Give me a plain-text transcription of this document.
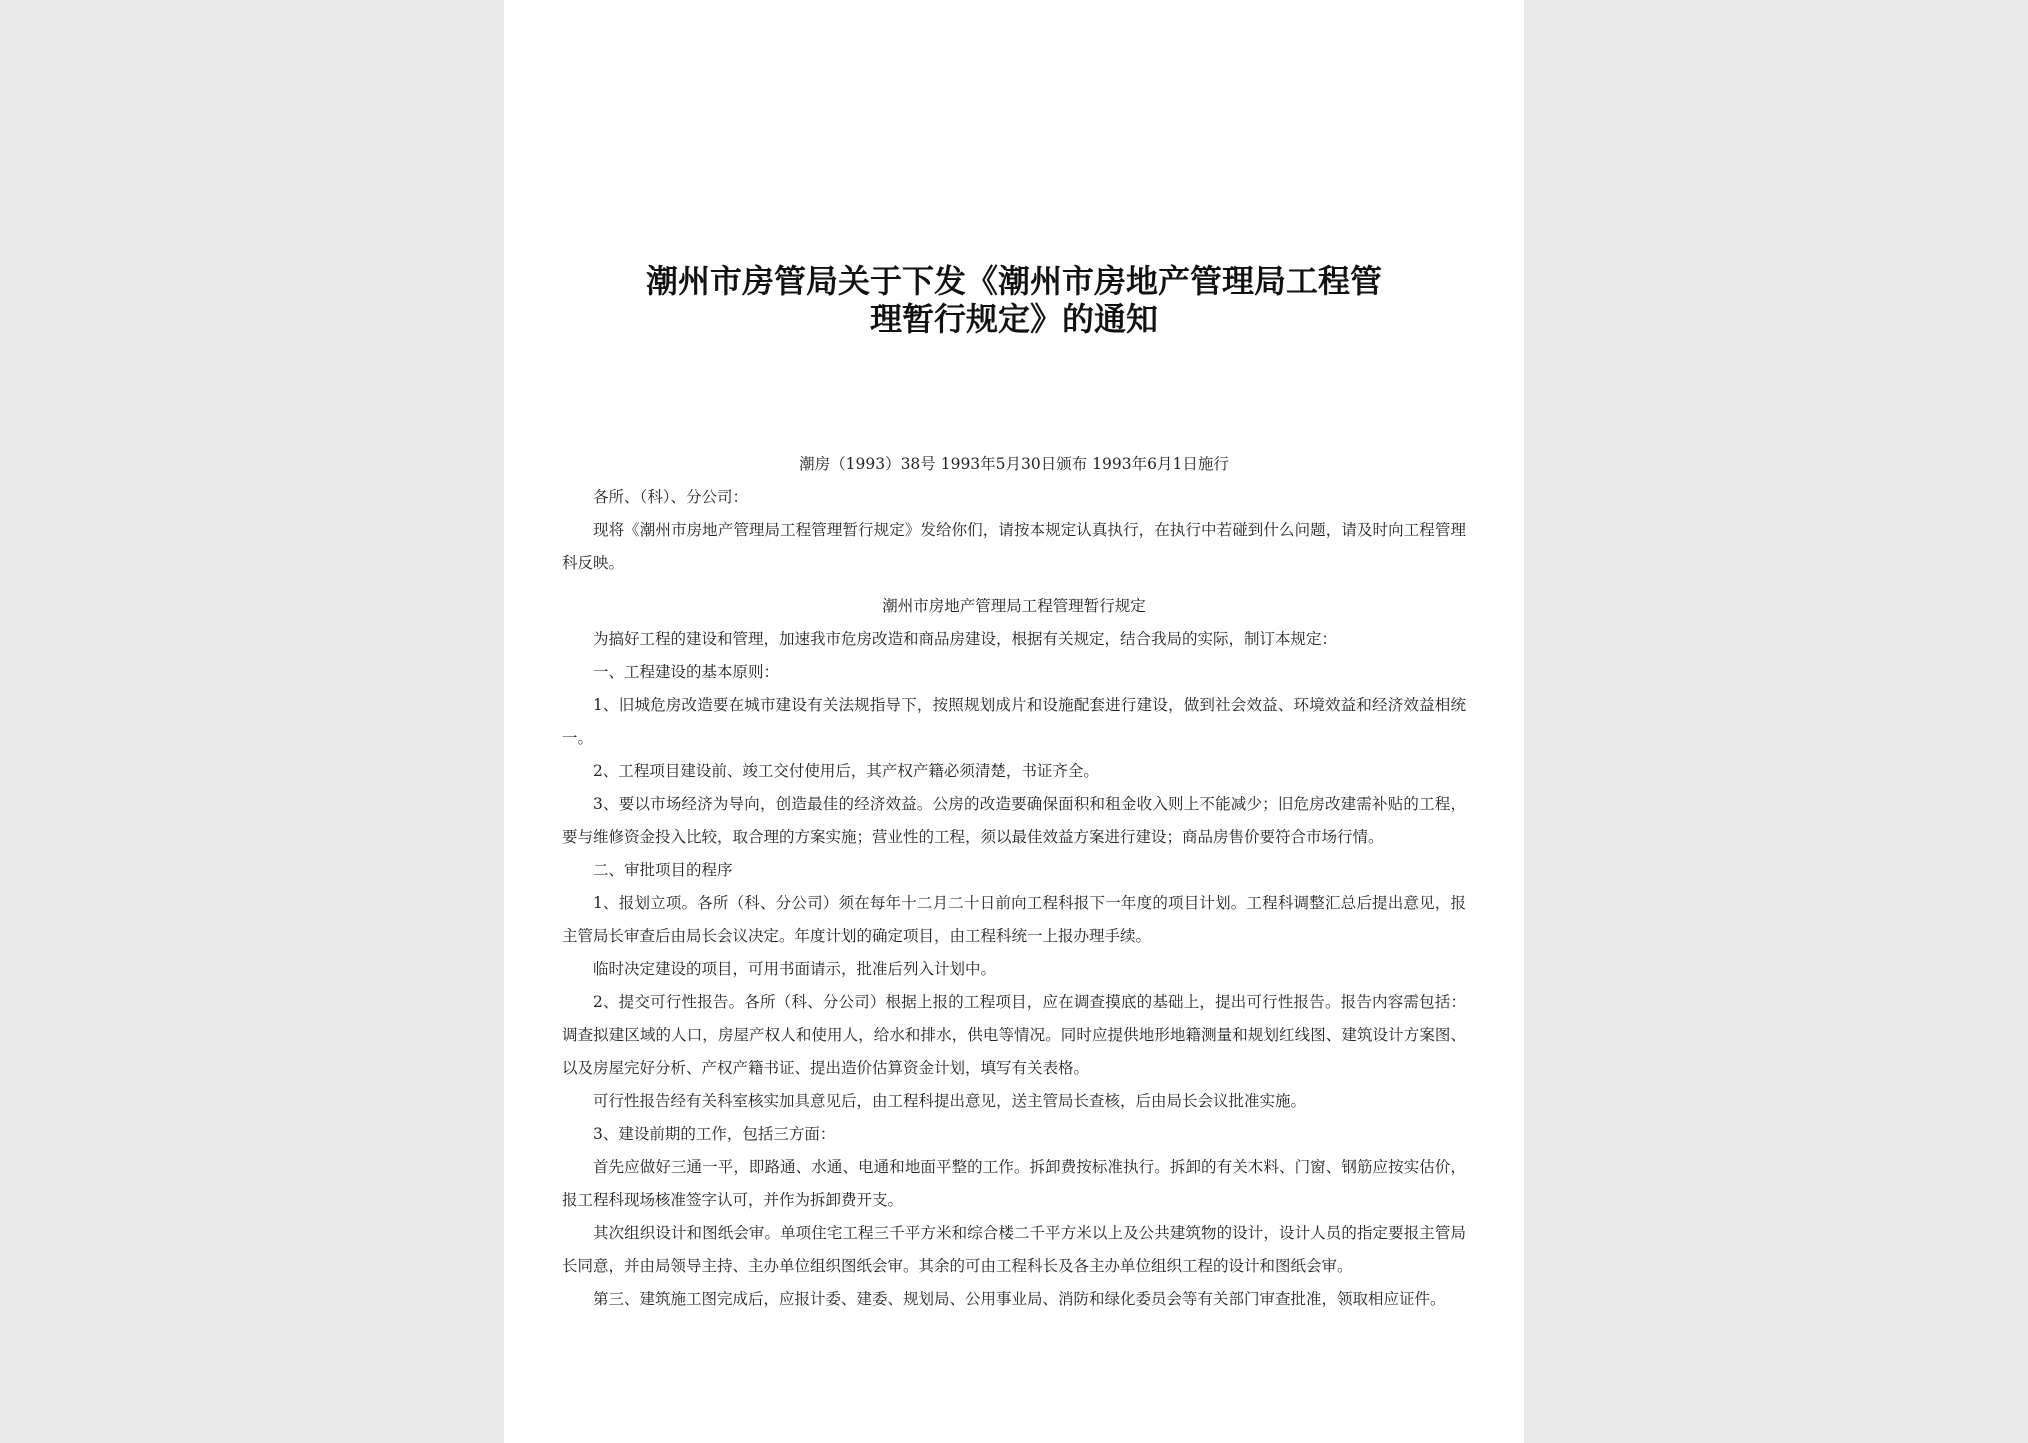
潮州市房管局关于下发《潮州市房地产管理局工程管
理暂行规定》的通知

潮房（1993）38号 1993年5月30日颁布 1993年6月1日施行

各所、（科）、分公司：

现将《潮州市房地产管理局工程管理暂行规定》发给你们，请按本规定认真执行，在执行中若碰到什么问题，请及时向工程管理科反映。

潮州市房地产管理局工程管理暂行规定

为搞好工程的建设和管理，加速我市危房改造和商品房建设，根据有关规定，结合我局的实际，制订本规定：

一、工程建设的基本原则：

1、旧城危房改造要在城市建设有关法规指导下，按照规划成片和设施配套进行建设，做到社会效益、环境效益和经济效益相统一。

2、工程项目建设前、竣工交付使用后，其产权产籍必须清楚，书证齐全。

3、要以市场经济为导向，创造最佳的经济效益。公房的改造要确保面积和租金收入则上不能减少；旧危房改建需补贴的工程，要与维修资金投入比较，取合理的方案实施；营业性的工程，须以最佳效益方案进行建设；商品房售价要符合市场行情。

二、审批项目的程序

1、报划立项。各所（科、分公司）须在每年十二月二十日前向工程科报下一年度的项目计划。工程科调整汇总后提出意见，报主管局长审查后由局长会议决定。年度计划的确定项目，由工程科统一上报办理手续。

临时决定建设的项目，可用书面请示，批准后列入计划中。

2、提交可行性报告。各所（科、分公司）根据上报的工程项目，应在调查摸底的基础上，提出可行性报告。报告内容需包括：调查拟建区域的人口，房屋产权人和使用人，给水和排水，供电等情况。同时应提供地形地籍测量和规划红线图、建筑设计方案图、以及房屋完好分析、产权产籍书证、提出造价估算资金计划，填写有关表格。

可行性报告经有关科室核实加具意见后，由工程科提出意见，送主管局长查核，后由局长会议批准实施。

3、建设前期的工作，包括三方面：

首先应做好三通一平，即路通、水通、电通和地面平整的工作。拆卸费按标准执行。拆卸的有关木料、门窗、钢筋应按实估价，报工程科现场核准签字认可，并作为拆卸费开支。

其次组织设计和图纸会审。单项住宅工程三千平方米和综合楼二千平方米以上及公共建筑物的设计，设计人员的指定要报主管局长同意，并由局领导主持、主办单位组织图纸会审。其余的可由工程科长及各主办单位组织工程的设计和图纸会审。

第三、建筑施工图完成后，应报计委、建委、规划局、公用事业局、消防和绿化委员会等有关部门审查批准，领取相应证件。
